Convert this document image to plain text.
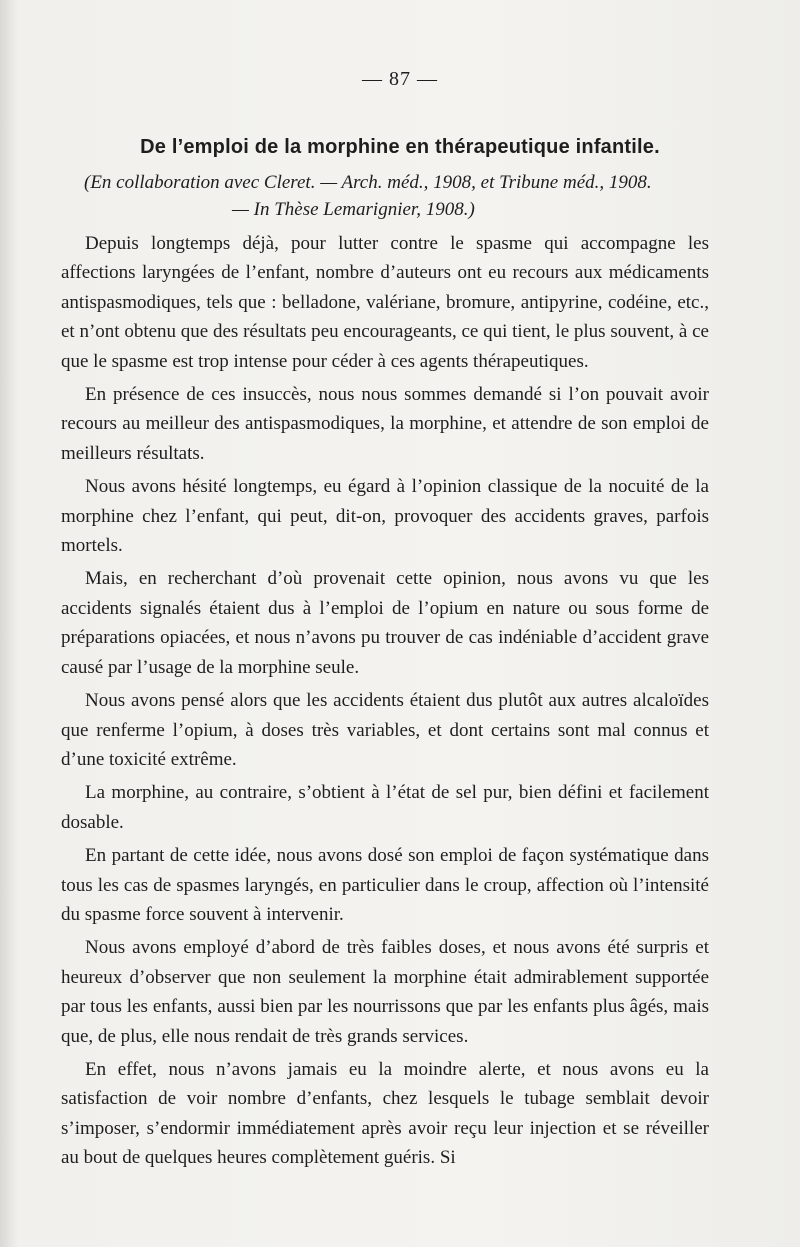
— 87 —
De l’emploi de la morphine en thérapeutique infantile.
(En collaboration avec Cleret. — Arch. méd., 1908, et Tribune méd., 1908.
— In Thèse Lemarignier, 1908.)

Depuis longtemps déjà, pour lutter contre le spasme qui accompagne les affections laryngées de l’enfant, nombre d’auteurs ont eu recours aux médicaments antispasmodiques, tels que : belladone, valériane, bromure, antipyrine, codéine, etc., et n’ont obtenu que des résultats peu encourageants, ce qui tient, le plus souvent, à ce que le spasme est trop intense pour céder à ces agents thérapeutiques.

En présence de ces insuccès, nous nous sommes demandé si l’on pouvait avoir recours au meilleur des antispasmodiques, la morphine, et attendre de son emploi de meilleurs résultats.

Nous avons hésité longtemps, eu égard à l’opinion classique de la nocuité de la morphine chez l’enfant, qui peut, dit-on, provoquer des accidents graves, parfois mortels.

Mais, en recherchant d’où provenait cette opinion, nous avons vu que les accidents signalés étaient dus à l’emploi de l’opium en nature ou sous forme de préparations opiacées, et nous n’avons pu trouver de cas indéniable d’accident grave causé par l’usage de la morphine seule.

Nous avons pensé alors que les accidents étaient dus plutôt aux autres alcaloïdes que renferme l’opium, à doses très variables, et dont certains sont mal connus et d’une toxicité extrême.

La morphine, au contraire, s’obtient à l’état de sel pur, bien défini et facilement dosable.

En partant de cette idée, nous avons dosé son emploi de façon systématique dans tous les cas de spasmes laryngés, en particulier dans le croup, affection où l’intensité du spasme force souvent à intervenir.

Nous avons employé d’abord de très faibles doses, et nous avons été surpris et heureux d’observer que non seulement la morphine était admirablement supportée par tous les enfants, aussi bien par les nourrissons que par les enfants plus âgés, mais que, de plus, elle nous rendait de très grands services.

En effet, nous n’avons jamais eu la moindre alerte, et nous avons eu la satisfaction de voir nombre d’enfants, chez lesquels le tubage semblait devoir s’imposer, s’endormir immédiatement après avoir reçu leur injection et se réveiller au bout de quelques heures complètement guéris. Si
